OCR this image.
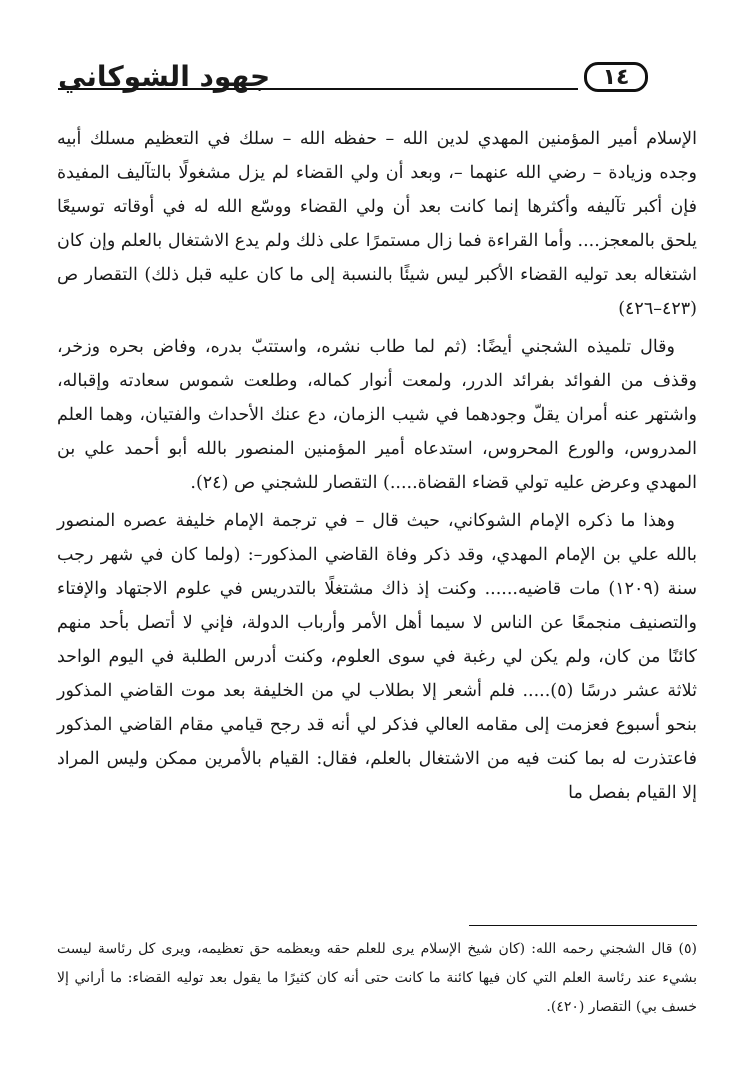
١٤
جهود الشوكاني

الإسلام أمير المؤمنين المهدي لدين الله – حفظه الله – سلك في التعظيم مسلك أبيه وجده وزيادة – رضي الله عنهما –، وبعد أن ولي القضاء لم يزل مشغولًا بالتآليف المفيدة فإن أكبر تآليفه وأكثرها إنما كانت بعد أن ولي القضاء ووسّع الله له في أوقاته توسيعًا يلحق بالمعجز.... وأما القراءة فما زال مستمرًا على ذلك ولم يدع الاشتغال بالعلم وإن كان اشتغاله بعد توليه القضاء الأكبر ليس شيئًا بالنسبة إلى ما كان عليه قبل ذلك) التقصار ص (٤٢٣–٤٢٦)

وقال تلميذه الشجني أيضًا: (ثم لما طاب نشره، واستتبّ بدره، وفاض بحره وزخر، وقذف من الفوائد بفرائد الدرر، ولمعت أنوار كماله، وطلعت شموس سعادته وإقباله، واشتهر عنه أمران يقلّ وجودهما في شيب الزمان، دع عنك الأحداث والفتيان، وهما العلم المدروس، والورع المحروس، استدعاه أمير المؤمنين المنصور بالله أبو أحمد علي بن المهدي وعرض عليه تولي قضاء القضاة.....) التقصار للشجني ص (٢٤).

وهذا ما ذكره الإمام الشوكاني، حيث قال – في ترجمة الإمام خليفة عصره المنصور بالله علي بن الإمام المهدي، وقد ذكر وفاة القاضي المذكور–: (ولما كان في شهر رجب سنة (١٢٠٩) مات قاضيه...... وكنت إذ ذاك مشتغلًا بالتدريس في علوم الاجتهاد والإفتاء والتصنيف منجمعًا عن الناس لا سيما أهل الأمر وأرباب الدولة، فإني لا أتصل بأحد منهم كائنًا من كان، ولم يكن لي رغبة في سوى العلوم، وكنت أدرس الطلبة في اليوم الواحد ثلاثة عشر درسًا (٥)..... فلم أشعر إلا بطلاب لي من الخليفة بعد موت القاضي المذكور بنحو أسبوع فعزمت إلى مقامه العالي فذكر لي أنه قد رجح قيامي مقام القاضي المذكور فاعتذرت له بما كنت فيه من الاشتغال بالعلم، فقال: القيام بالأمرين ممكن وليس المراد إلا القيام بفصل ما

(٥) قال الشجني رحمه الله: (كان شيخ الإسلام يرى للعلم حقه ويعظمه حق تعظيمه، ويرى كل رئاسة ليست بشيء عند رئاسة العلم التي كان فيها كائنة ما كانت حتى أنه كان كثيرًا ما يقول بعد توليه القضاء: ما أراني إلا خسف بي) التقصار (٤٢٠).
